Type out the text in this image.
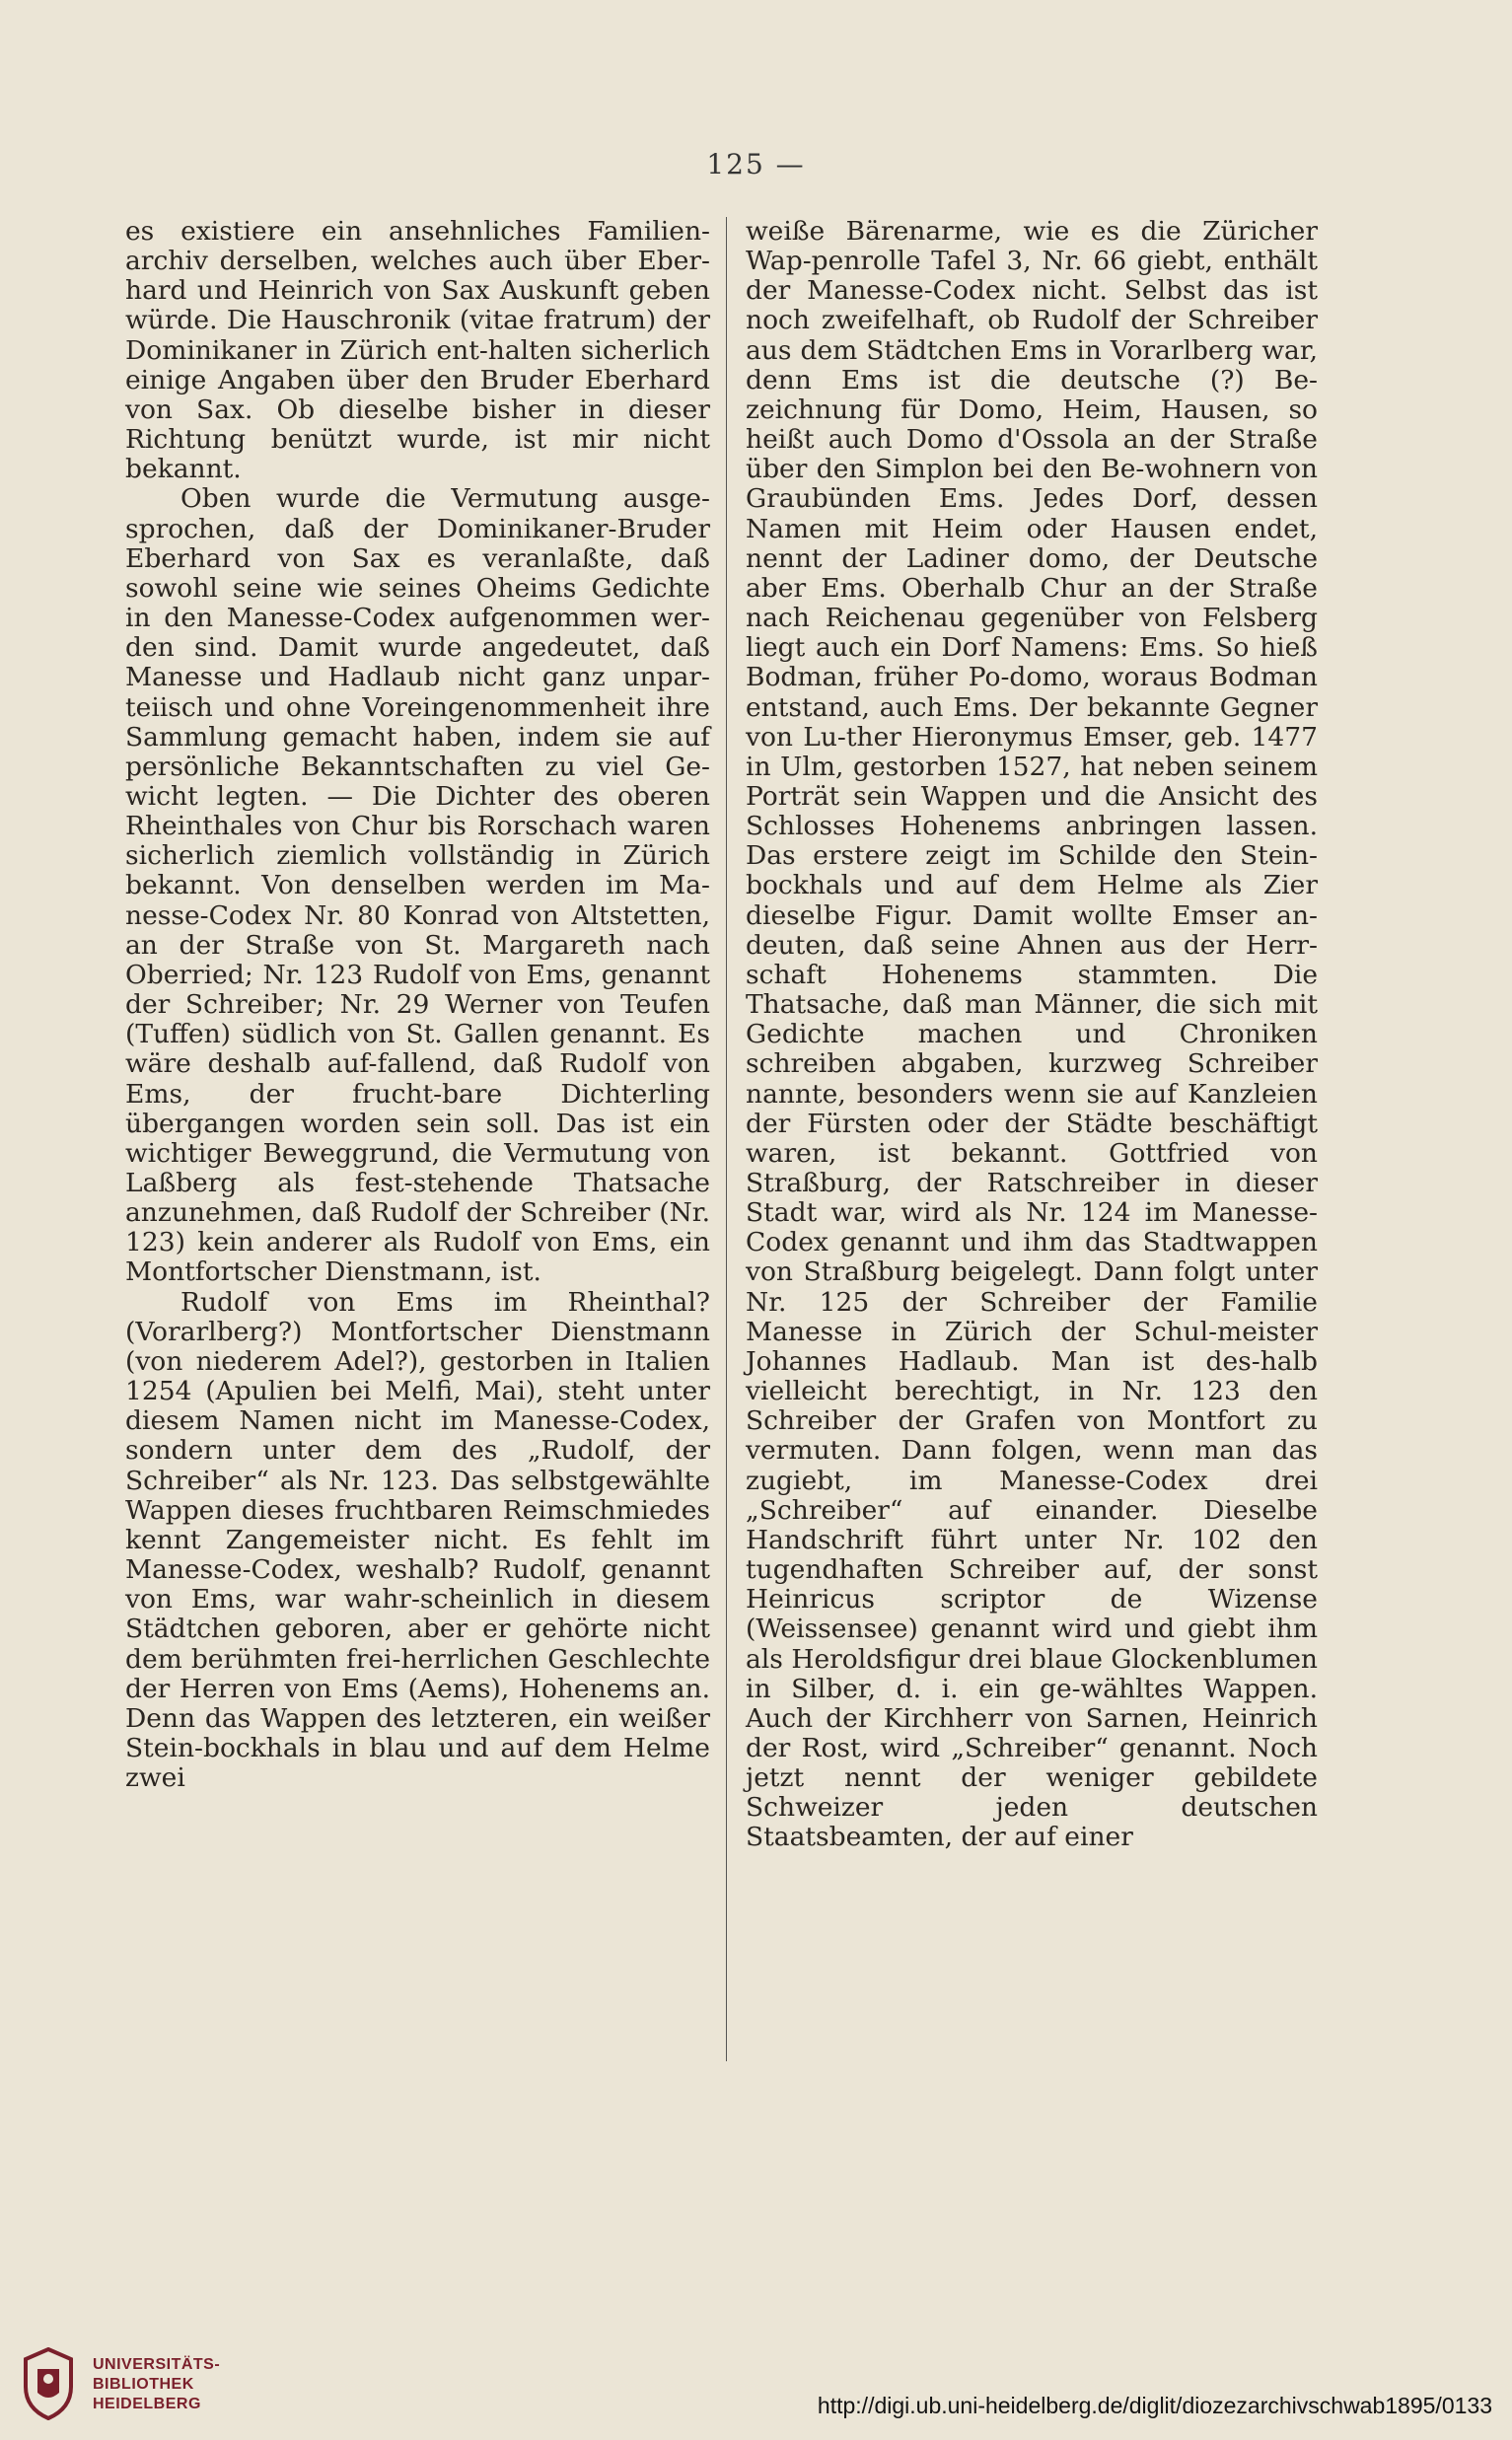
125 —

es existiere ein ansehnliches Familien-archiv derselben, welches auch über Eber-hard und Heinrich von Sax Auskunft geben würde. Die Hauschronik (vitae fratrum) der Dominikaner in Zürich ent-halten sicherlich einige Angaben über den Bruder Eberhard von Sax. Ob dieselbe bisher in dieser Richtung benützt wurde, ist mir nicht bekannt.

Oben wurde die Vermutung ausge-sprochen, daß der Dominikaner-Bruder Eberhard von Sax es veranlaßte, daß sowohl seine wie seines Oheims Gedichte in den Manesse-Codex aufgenommen wer-den sind. Damit wurde angedeutet, daß Manesse und Hadlaub nicht ganz unpar-teiisch und ohne Voreingenommenheit ihre Sammlung gemacht haben, indem sie auf persönliche Bekanntschaften zu viel Ge-wicht legten. — Die Dichter des oberen Rheinthales von Chur bis Rorschach waren sicherlich ziemlich vollständig in Zürich bekannt. Von denselben werden im Ma-nesse-Codex Nr. 80 Konrad von Altstetten, an der Straße von St. Margareth nach Oberried; Nr. 123 Rudolf von Ems, genannt der Schreiber; Nr. 29 Werner von Teufen (Tuffen) südlich von St. Gallen genannt. Es wäre deshalb auf-fallend, daß Rudolf von Ems, der frucht-bare Dichterling übergangen worden sein soll. Das ist ein wichtiger Beweggrund, die Vermutung von Laßberg als fest-stehende Thatsache anzunehmen, daß Rudolf der Schreiber (Nr. 123) kein anderer als Rudolf von Ems, ein Montfortscher Dienstmann, ist.

Rudolf von Ems im Rheinthal? (Vorarlberg?) Montfortscher Dienstmann (von niederem Adel?), gestorben in Italien 1254 (Apulien bei Melfi, Mai), steht unter diesem Namen nicht im Manesse-Codex, sondern unter dem des „Rudolf, der Schreiber“ als Nr. 123. Das selbstgewählte Wappen dieses fruchtbaren Reimschmiedes kennt Zangemeister nicht. Es fehlt im Manesse-Codex, weshalb? Rudolf, genannt von Ems, war wahr-scheinlich in diesem Städtchen geboren, aber er gehörte nicht dem berühmten frei-herrlichen Geschlechte der Herren von Ems (Aems), Hohenems an. Denn das Wappen des letzteren, ein weißer Stein-bockhals in blau und auf dem Helme zwei

weiße Bärenarme, wie es die Züricher Wap-penrolle Tafel 3, Nr. 66 giebt, enthält der Manesse-Codex nicht. Selbst das ist noch zweifelhaft, ob Rudolf der Schreiber aus dem Städtchen Ems in Vorarlberg war, denn Ems ist die deutsche (?) Be-zeichnung für Domo, Heim, Hausen, so heißt auch Domo d'Ossola an der Straße über den Simplon bei den Be-wohnern von Graubünden Ems. Jedes Dorf, dessen Namen mit Heim oder Hausen endet, nennt der Ladiner domo, der Deutsche aber Ems. Oberhalb Chur an der Straße nach Reichenau gegenüber von Felsberg liegt auch ein Dorf Namens: Ems. So hieß Bodman, früher Po-domo, woraus Bodman entstand, auch Ems. Der bekannte Gegner von Lu-ther Hieronymus Emser, geb. 1477 in Ulm, gestorben 1527, hat neben seinem Porträt sein Wappen und die Ansicht des Schlosses Hohenems anbringen lassen. Das erstere zeigt im Schilde den Stein-bockhals und auf dem Helme als Zier dieselbe Figur. Damit wollte Emser an-deuten, daß seine Ahnen aus der Herr-schaft Hohenems stammten. Die Thatsache, daß man Männer, die sich mit Gedichte machen und Chroniken schreiben abgaben, kurzweg Schreiber nannte, besonders wenn sie auf Kanzleien der Fürsten oder der Städte beschäftigt waren, ist bekannt. Gottfried von Straßburg, der Ratschreiber in dieser Stadt war, wird als Nr. 124 im Manesse-Codex genannt und ihm das Stadtwappen von Straßburg beigelegt. Dann folgt unter Nr. 125 der Schreiber der Familie Manesse in Zürich der Schul-meister Johannes Hadlaub. Man ist des-halb vielleicht berechtigt, in Nr. 123 den Schreiber der Grafen von Montfort zu vermuten. Dann folgen, wenn man das zugiebt, im Manesse-Codex drei „Schreiber“ auf einander. Dieselbe Handschrift führt unter Nr. 102 den tugendhaften Schreiber auf, der sonst Heinricus scriptor de Wizense (Weissensee) genannt wird und giebt ihm als Heroldsfigur drei blaue Glockenblumen in Silber, d. i. ein ge-wähltes Wappen. Auch der Kirchherr von Sarnen, Heinrich der Rost, wird „Schreiber“ genannt. Noch jetzt nennt der weniger gebildete Schweizer jeden deutschen Staatsbeamten, der auf einer

UNIVERSITÄTS-
BIBLIOTHEK
HEIDELBERG	http://digi.ub.uni-heidelberg.de/diglit/diozezarchivschwab1895/0133
